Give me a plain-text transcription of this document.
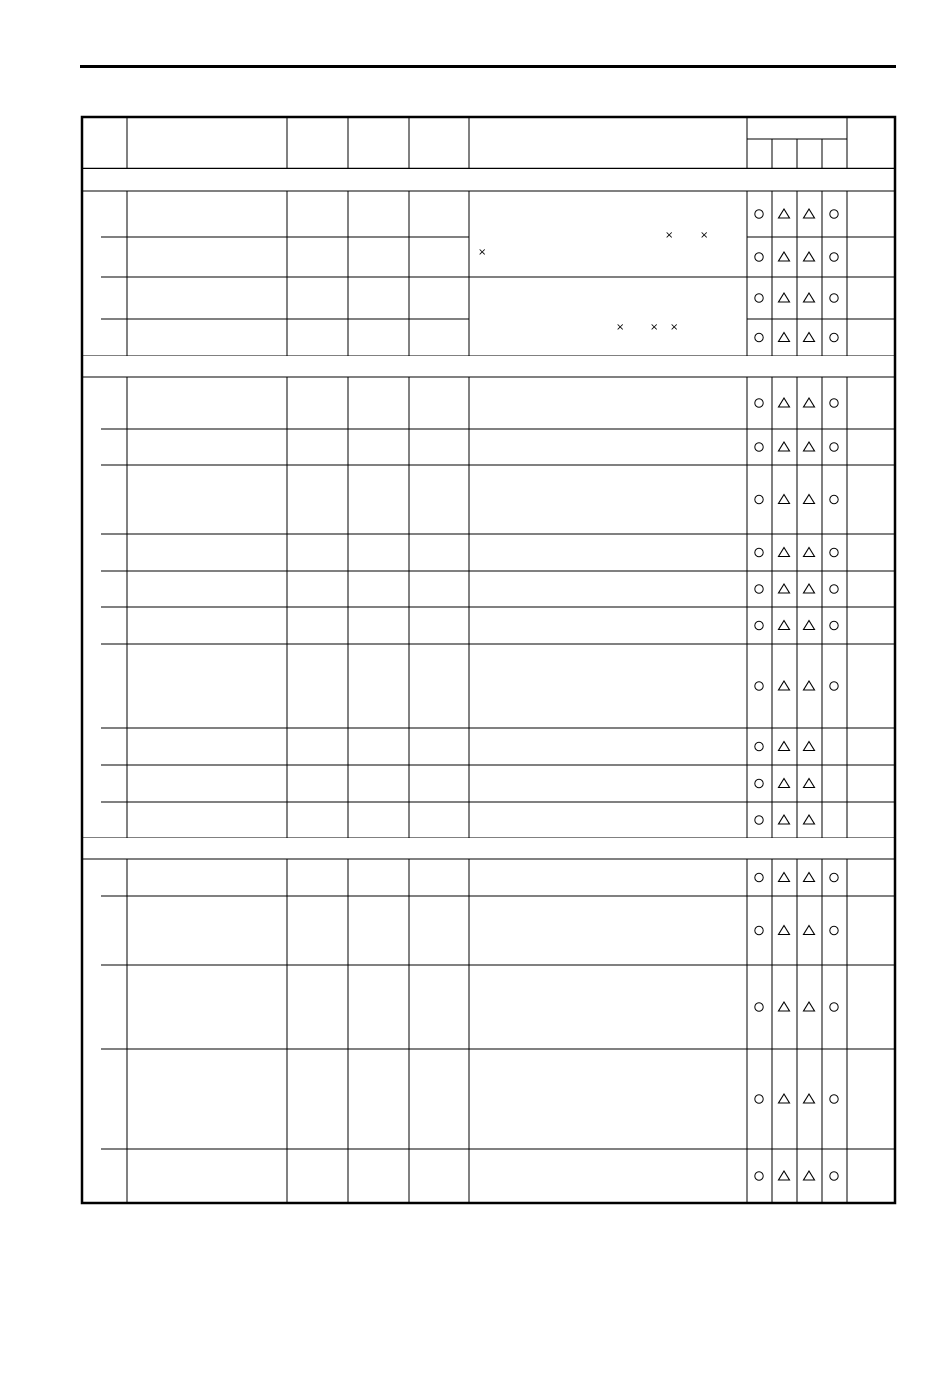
×	×
×
×	× ×
